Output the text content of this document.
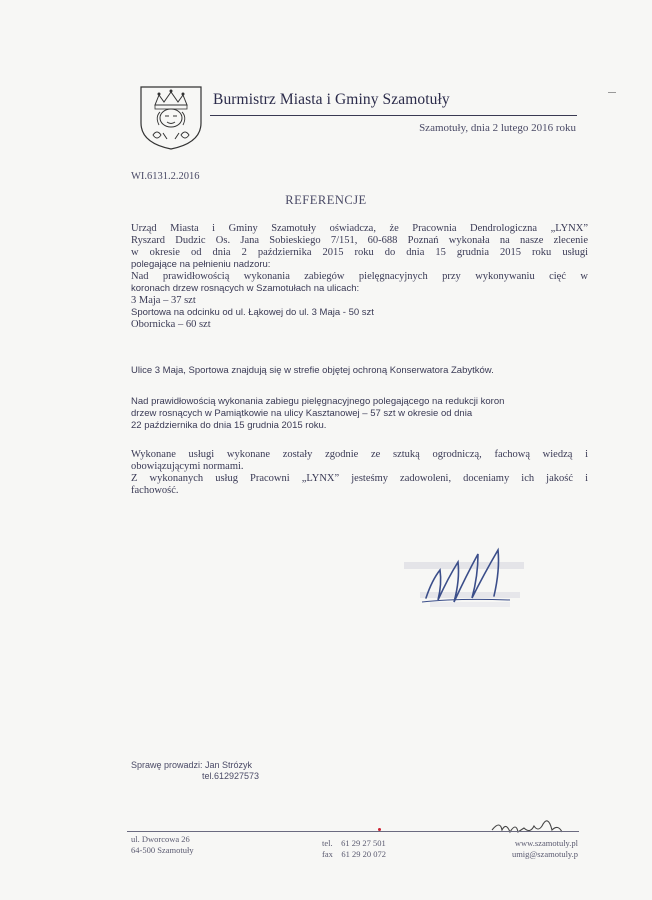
Burmistrz Miasta i Gminy Szamotuły
Szamotuły, dnia 2 lutego 2016 roku
WI.6131.2.2016
REFERENCJE
Urząd Miasta i Gminy Szamotuły oświadcza, że Pracownia Dendrologiczna „LYNX”
Ryszard Dudzic Os. Jana Sobieskiego 7/151, 60-688 Poznań wykonała na nasze zlecenie
w okresie od dnia 2 października 2015 roku do dnia 15 grudnia 2015 roku usługi
polegające na pełnieniu nadzoru:
Nad prawidłowością wykonania zabiegów pielęgnacyjnych przy wykonywaniu cięć w
koronach drzew rosnących w Szamotułach na ulicach:
3 Maja – 37 szt
Sportowa na odcinku od ul. Łąkowej do ul. 3 Maja - 50 szt
Obornicka – 60 szt
Ulice 3 Maja, Sportowa znajdują się w strefie objętej ochroną Konserwatora Zabytków.
Nad prawidłowością wykonania zabiegu pielęgnacyjnego polegającego na redukcji koron
drzew rosnących w Pamiątkowie na ulicy Kasztanowej – 57 szt w okresie od dnia
22 października do dnia 15 grudnia 2015 roku.
Wykonane usługi wykonane zostały zgodnie ze sztuką ogrodniczą, fachową wiedzą i
obowiązującymi normami.
Z wykonanych usług Pracowni „LYNX” jesteśmy zadowoleni, doceniamy ich jakość i
fachowość.
Sprawę prowadzi: Jan Strózyk
tel.612927573
ul. Dworcowa 26
64-500 Szamotuły
tel. 61 29 27 501
fax 61 29 20 072
www.szamotuly.pl
umig@szamotuly.p
